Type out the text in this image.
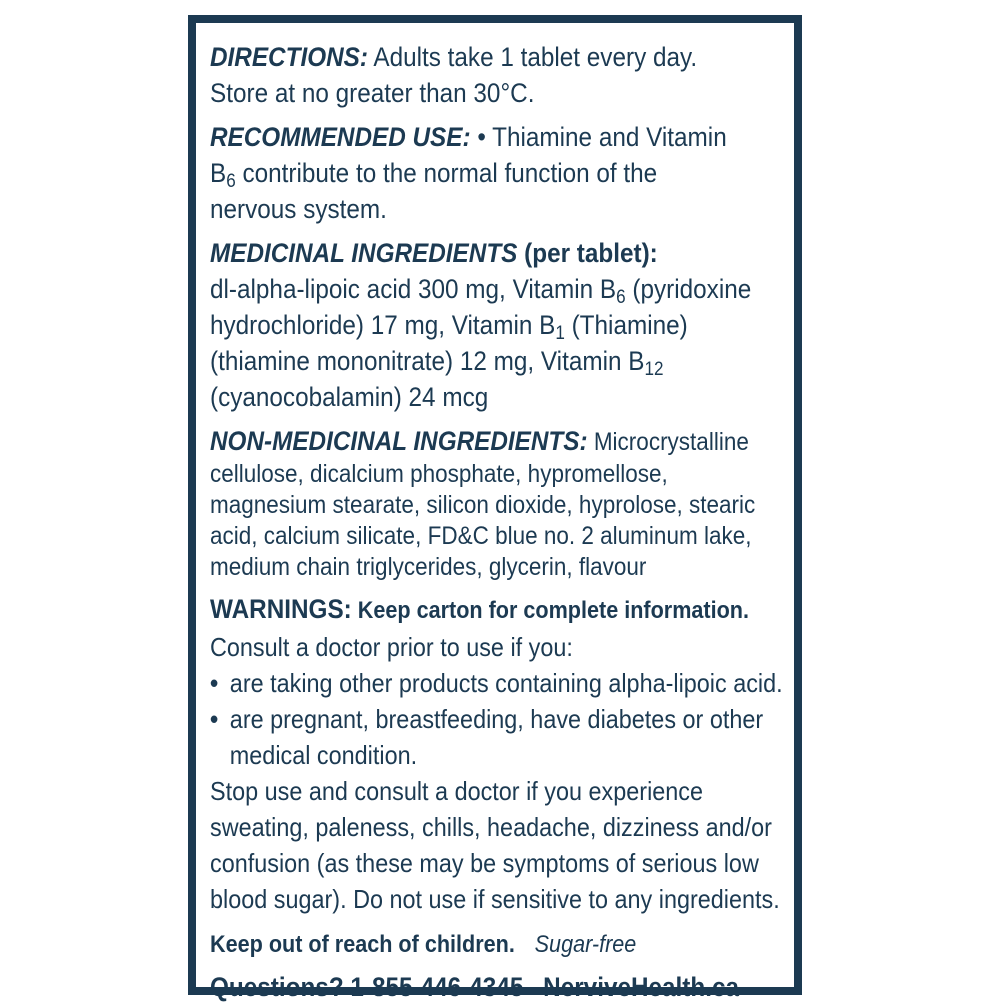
DIRECTIONS: Adults take 1 tablet every day.
Store at no greater than 30°C.
RECOMMENDED USE: • Thiamine and Vitamin
$B_6$ contribute to the normal function of the
nervous system.
MEDICINAL INGREDIENTS (per tablet):
dl-alpha-lipoic acid 300 mg, Vitamin $B_6$ (pyridoxine
hydrochloride) 17 mg, Vitamin $B_1$ (Thiamine)
(thiamine mononitrate) 12 mg, Vitamin $B_{12}$
(cyanocobalamin) 24 mcg
NON-MEDICINAL INGREDIENTS: Microcrystalline
cellulose, dicalcium phosphate, hypromellose,
magnesium stearate, silicon dioxide, hyprolose, stearic
acid, calcium silicate, FD&C blue no. 2 aluminum lake,
medium chain triglycerides, glycerin, flavour
WARNINGS: Keep carton for complete information.
Consult a doctor prior to use if you:
• are taking other products containing alpha-lipoic acid.
• are pregnant, breastfeeding, have diabetes or other
medical condition.
Stop use and consult a doctor if you experience
sweating, paleness, chills, headache, dizziness and/or
confusion (as these may be symptoms of serious low
blood sugar). Do not use if sensitive to any ingredients.
Keep out of reach of children. Sugar-free
Questions? 1-855-446-4345 NerviveHealth.ca
